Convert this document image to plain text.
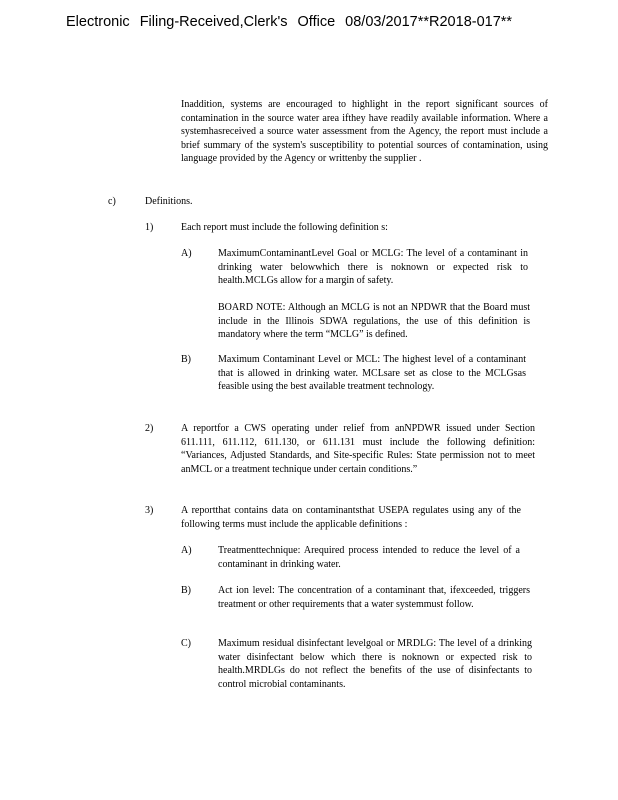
Electronic Filing-Received,Clerk's Office 08/03/2017**R2018-017**
Inaddition, systems are encouraged to highlight in the report significant sources of contamination in the source water area ifthey have readily available information. Where a systemhasreceived a source water assessment from the Agency, the report must include a brief summary of the system's susceptibility to potential sources of contamination, using language provided by the Agency or writtenby the supplier .
c)	Definitions.
1)	Each report must include the following definition s:
A)	MaximumContaminantLevel Goal or MCLG: The level of a contaminant in drinking water belowwhich there is noknown or expected risk to health.MCLGs allow for a margin of safety.
BOARD NOTE: Although an MCLG is not an NPDWR that the Board must include in the Illinois SDWA regulations, the use of this definition is mandatory where the term “MCLG” is defined.
B)	Maximum Contaminant Level or MCL: The highest level of a contaminant that is allowed in drinking water. MCLsare set as close to the MCLGsas feasible using the best available treatment technology.
2)	A reportfor a CWS operating under relief from anNPDWR issued under Section 611.111, 611.112, 611.130, or 611.131 must include the following definition: “Variances, Adjusted Standards, and Site-specific Rules: State permission not to meet anMCL or a treatment technique under certain conditions.”
3)	A reportthat contains data on contaminantsthat USEPA regulates using any of the following terms must include the applicable definitions :
A)	Treatmenttechnique: Arequired process intended to reduce the level of a contaminant in drinking water.
B)	Act ion level: The concentration of a contaminant that, ifexceeded, triggers treatment or other requirements that a water systemmust follow.
C)	Maximum residual disinfectant levelgoal or MRDLG: The level of a drinking water disinfectant below which there is noknown or expected risk to health.MRDLGs do not reflect the benefits of the use of disinfectants to control microbial contaminants.
